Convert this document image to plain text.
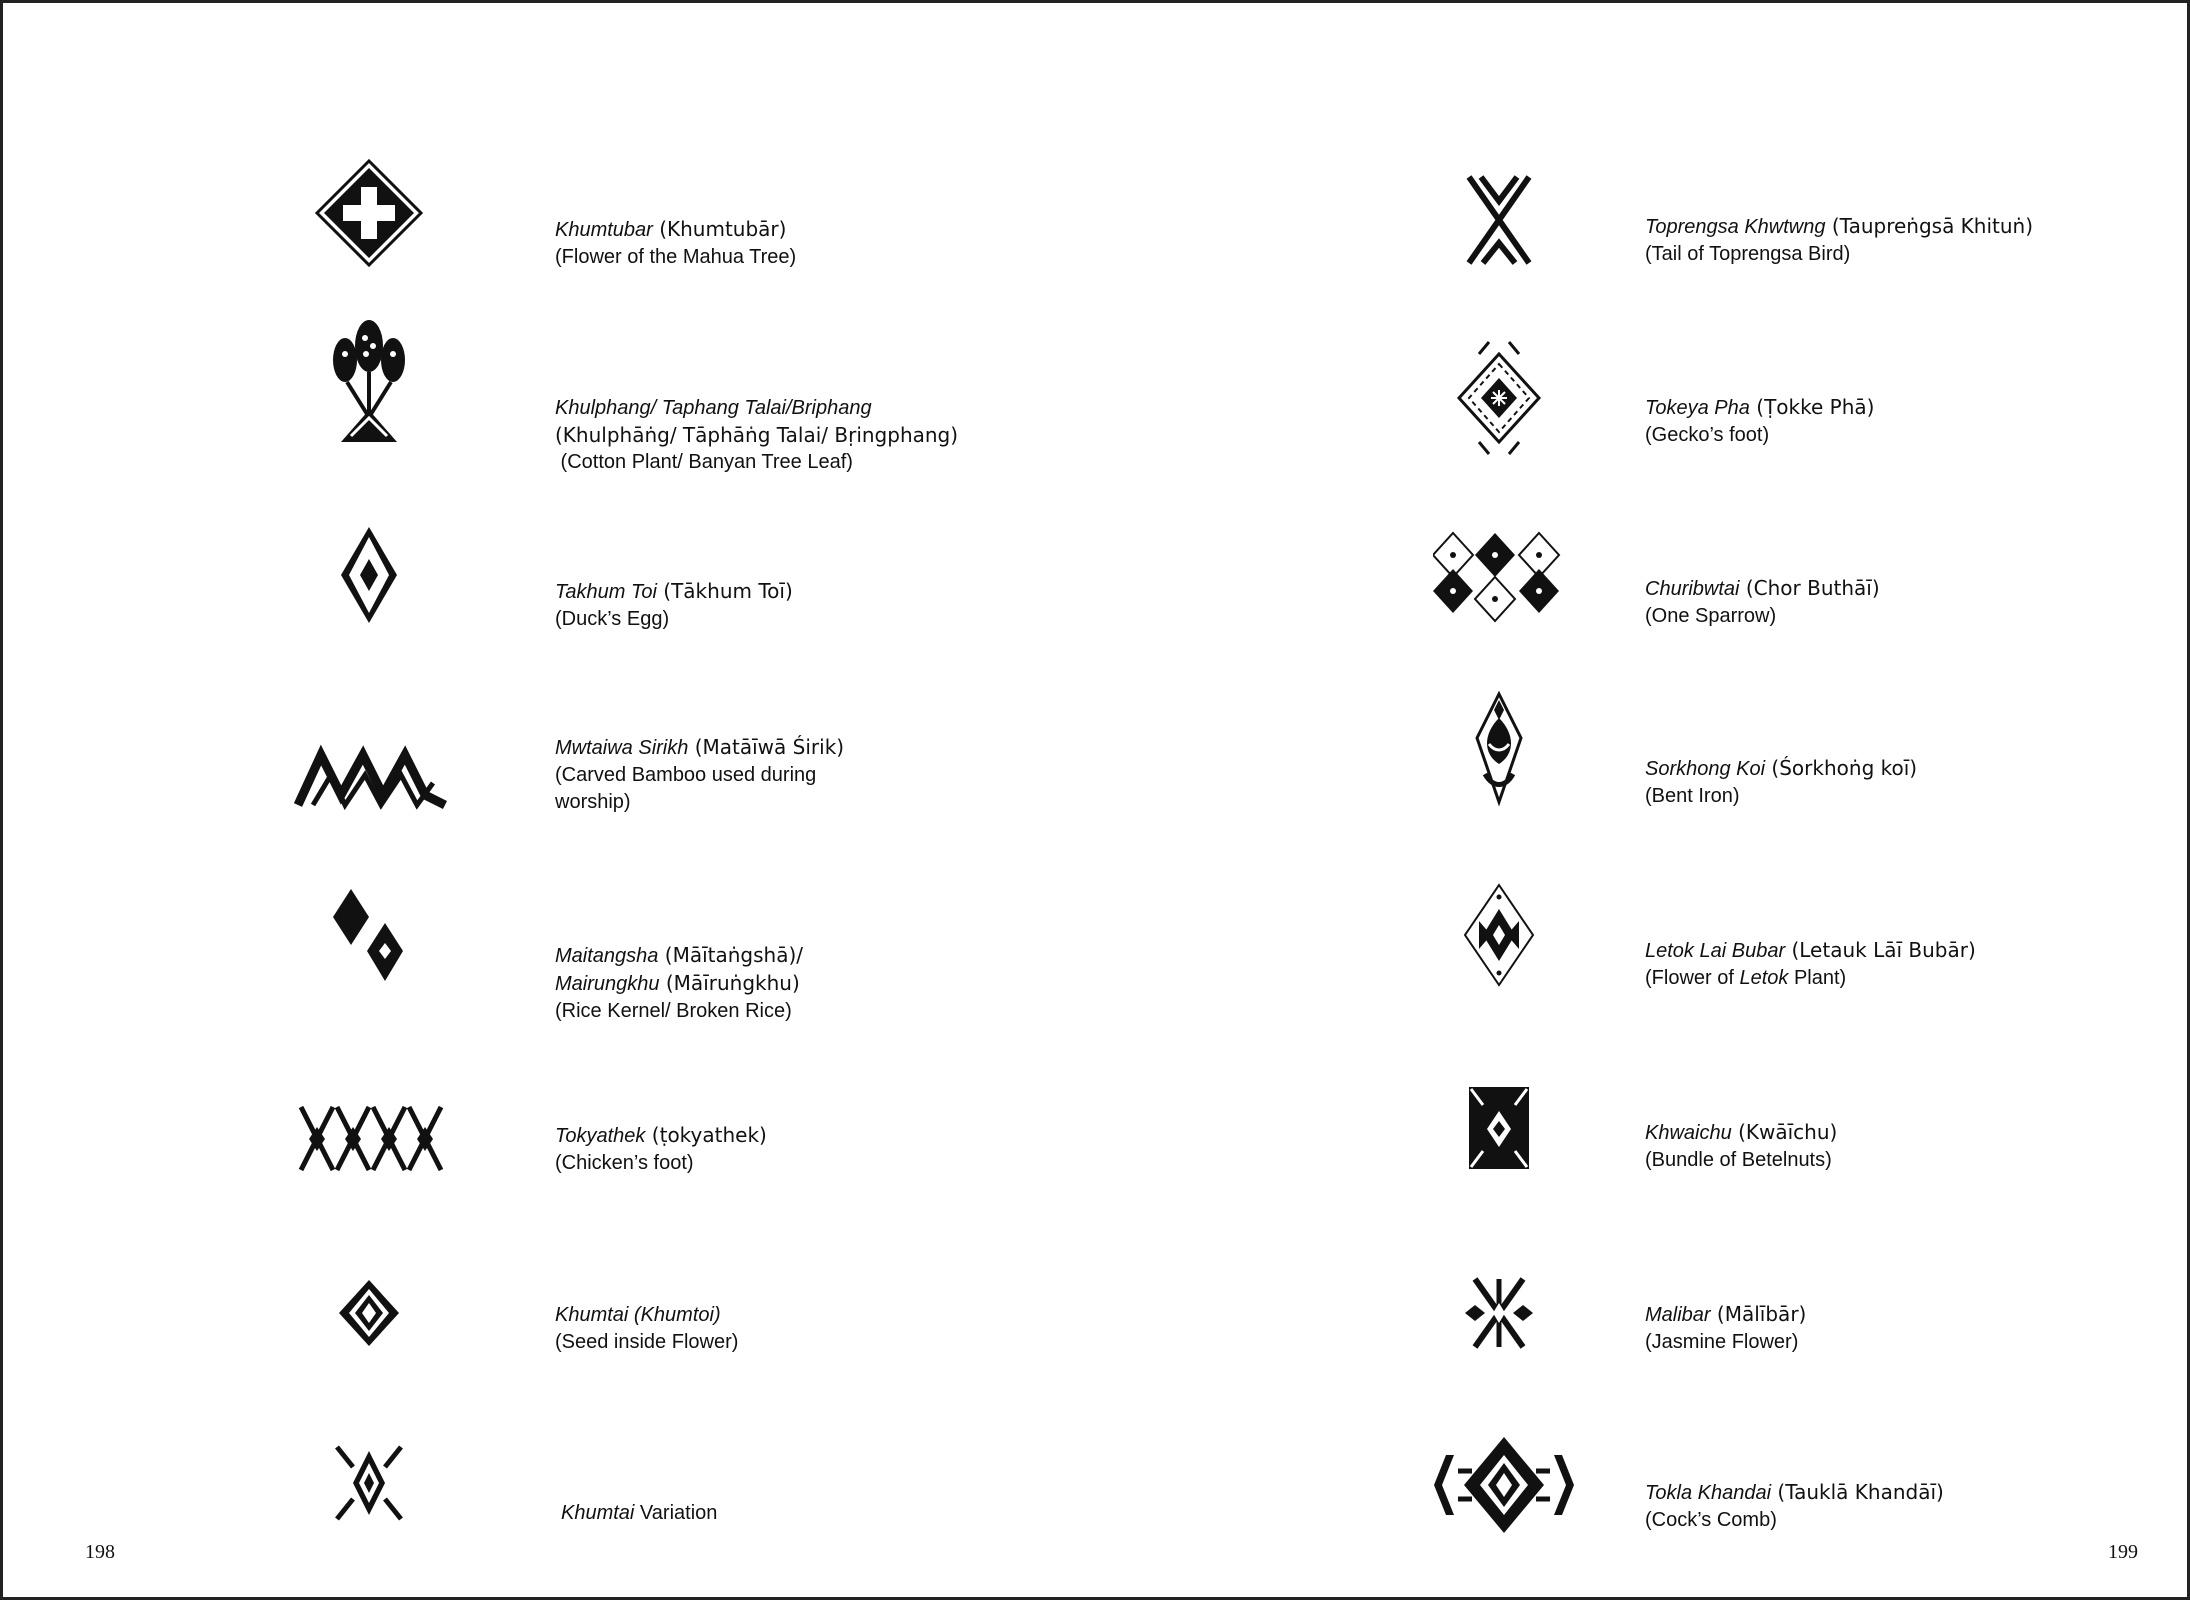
Khumtubar (Khumtubār)
(Flower of the Mahua Tree)
Khulphang/ Taphang Talai/Briphang
(Khulphāṅg/ Tāphāṅg Talai/ Bṛingphang)
(Cotton Plant/ Banyan Tree Leaf)
Takhum Toi (Tākhum Toī)
(Duck’s Egg)
Mwtaiwa Sirikh (Matāīwā Śirik)
(Carved Bamboo used during
worship)
Maitangsha (Māītaṅgshā)/
Mairungkhu (Māīruṅgkhu)
(Rice Kernel/ Broken Rice)
Tokyathek (ṭokyathek)
(Chicken’s foot)
Khumtai (Khumtoi)
(Seed inside Flower)
Khumtai Variation
Toprengsa Khwtwng (Taupreṅgsā Khituṅ)
(Tail of Toprengsa Bird)
Tokeya Pha (Ṭokke Phā)
(Gecko’s foot)
Churibwtai (Chor Buthāī)
(One Sparrow)
Sorkhong Koi (Śorkhoṅg koī)
(Bent Iron)
Letok Lai Bubar (Letauk Lāī Bubār)
(Flower of Letok Plant)
Khwaichu (Kwāīchu)
(Bundle of Betelnuts)
Malibar (Mālībār)
(Jasmine Flower)
Tokla Khandai (Tauklā Khandāī)
(Cock’s Comb)
198	199
